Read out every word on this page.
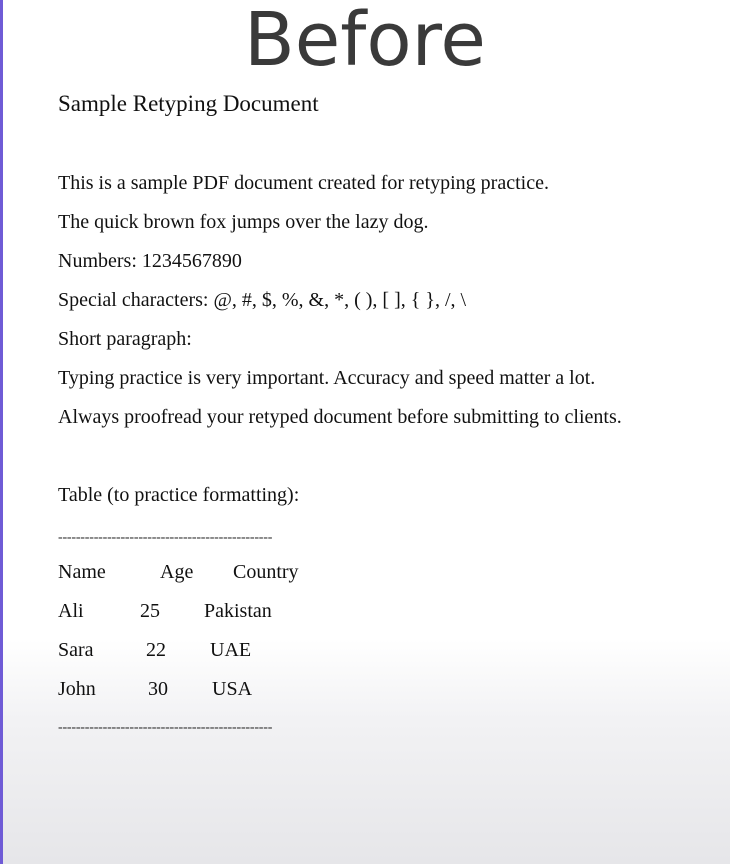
Before
Sample Retyping Document
This is a sample PDF document created for retyping practice.
The quick brown fox jumps over the lazy dog.
Numbers: 1234567890
Special characters: @, #, $, %, &, *, ( ), [ ], { }, /, \
Short paragraph:
Typing practice is very important. Accuracy and speed matter a lot.
Always proofread your retyped document before submitting to clients.
Table (to practice formatting):
------------------------------------------------
Name	Age Country
Ali	25 Pakistan
Sara	22 UAE
John	30 USA
------------------------------------------------
